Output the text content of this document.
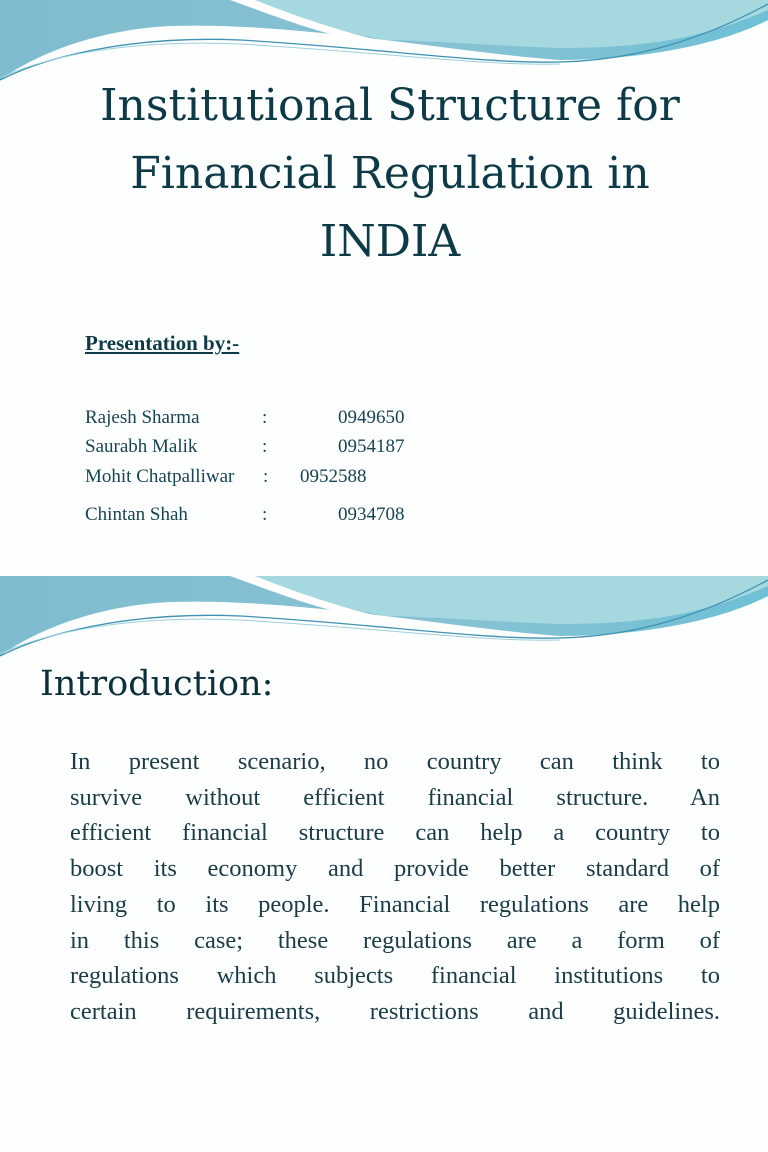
Institutional Structure for
Financial Regulation in
INDIA
Presentation by:-
Rajesh Sharma	:	0949650
Saurabh Malik	:	0954187
Mohit Chatpalliwar : 0952588
Chintan Shah	:	0934708
Introduction:
In present scenario, no country can think to
survive without efficient financial structure. An
efficient financial structure can help a country to
boost its economy and provide better standard of
living to its people. Financial regulations are help
in this case; these regulations are a form of
regulations which subjects financial institutions to
certain requirements, restrictions and guidelines.
